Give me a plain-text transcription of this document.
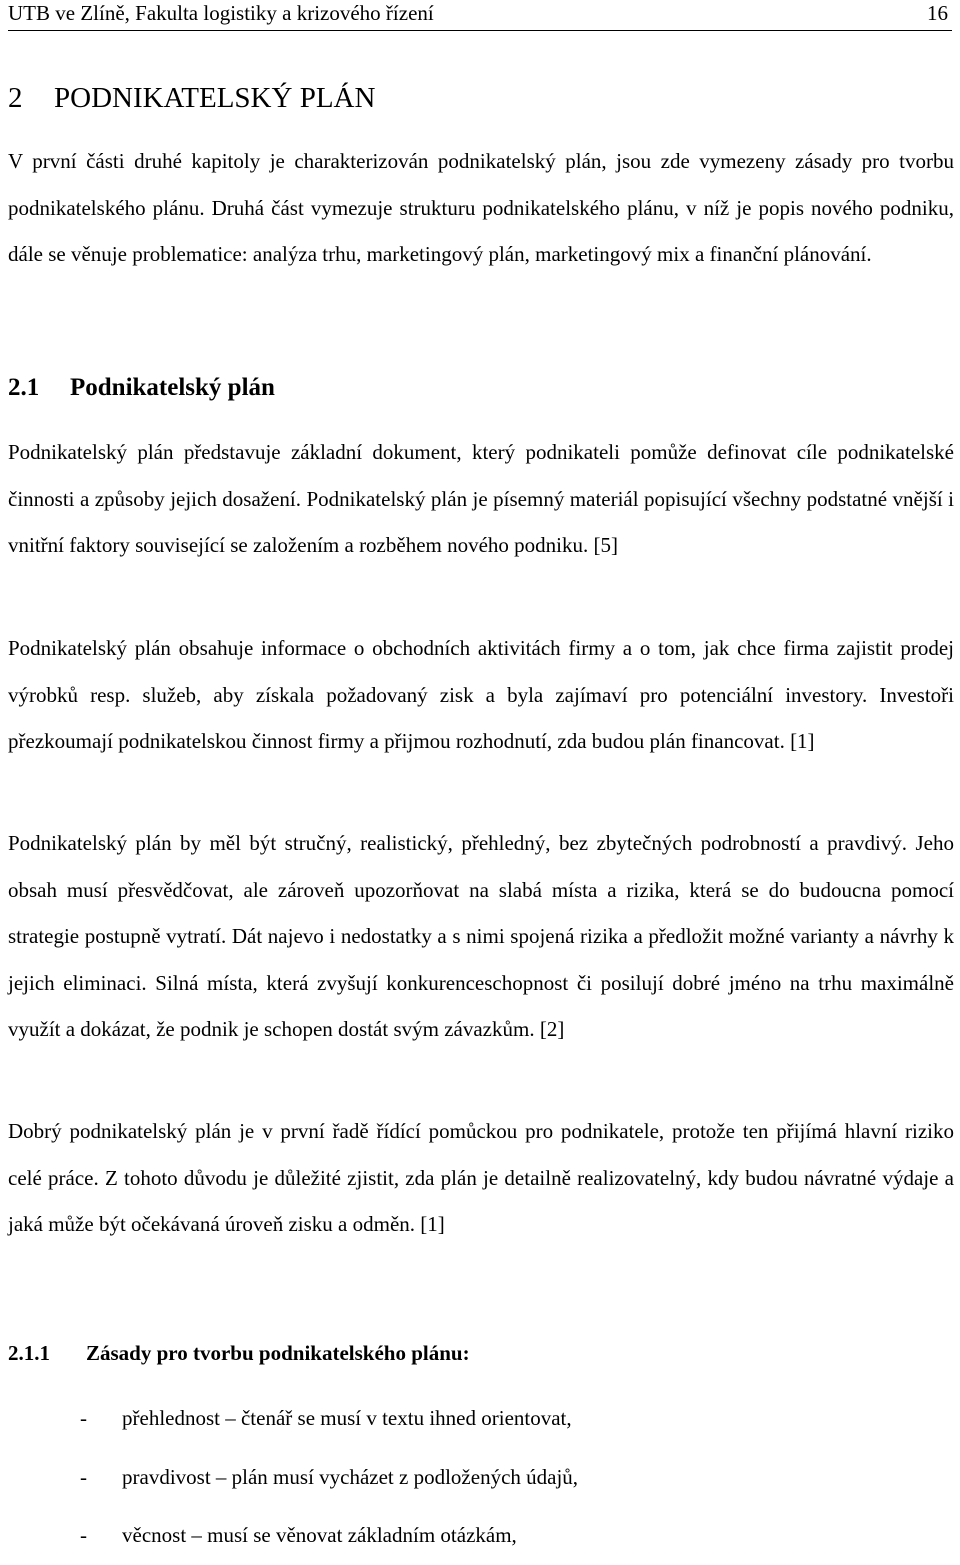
UTB ve Zlíně, Fakulta logistiky a krizového řízení	16
2 PODNIKATELSKÝ PLÁN

V první části druhé kapitoly je charakterizován podnikatelský plán, jsou zde vymezeny zásady pro tvorbu podnikatelského plánu. Druhá část vymezuje strukturu podnikatelského plánu, v níž je popis nového podniku, dále se věnuje problematice: analýza trhu, marketingový plán, marketingový mix a finanční plánování.

2.1 Podnikatelský plán

Podnikatelský plán představuje základní dokument, který podnikateli pomůže definovat cíle podnikatelské činnosti a způsoby jejich dosažení. Podnikatelský plán je písemný materiál popisující všechny podstatné vnější i vnitřní faktory související se založením a rozběhem nového podniku. [5]

Podnikatelský plán obsahuje informace o obchodních aktivitách firmy a o tom, jak chce firma zajistit prodej výrobků resp. služeb, aby získala požadovaný zisk a byla zajímaví pro potenciální investory. Investoři přezkoumají podnikatelskou činnost firmy a přijmou rozhodnutí, zda budou plán financovat. [1]

Podnikatelský plán by měl být stručný, realistický, přehledný, bez zbytečných podrobností a pravdivý. Jeho obsah musí přesvědčovat, ale zároveň upozorňovat na slabá místa a rizika, která se do budoucna pomocí strategie postupně vytratí. Dát najevo i nedostatky a s nimi spojená rizika a předložit možné varianty a návrhy k jejich eliminaci. Silná místa, která zvyšují konkurenceschopnost či posilují dobré jméno na trhu maximálně využít a dokázat, že podnik je schopen dostát svým závazkům. [2]

Dobrý podnikatelský plán je v první řadě řídící pomůckou pro podnikatele, protože ten přijímá hlavní riziko celé práce. Z tohoto důvodu je důležité zjistit, zda plán je detailně realizovatelný, kdy budou návratné výdaje a jaká může být očekávaná úroveň zisku a odměn. [1]

2.1.1 Zásady pro tvorbu podnikatelského plánu:
- přehlednost – čtenář se musí v textu ihned orientovat,
- pravdivost – plán musí vycházet z podložených údajů,
- věcnost – musí se věnovat základním otázkám,
